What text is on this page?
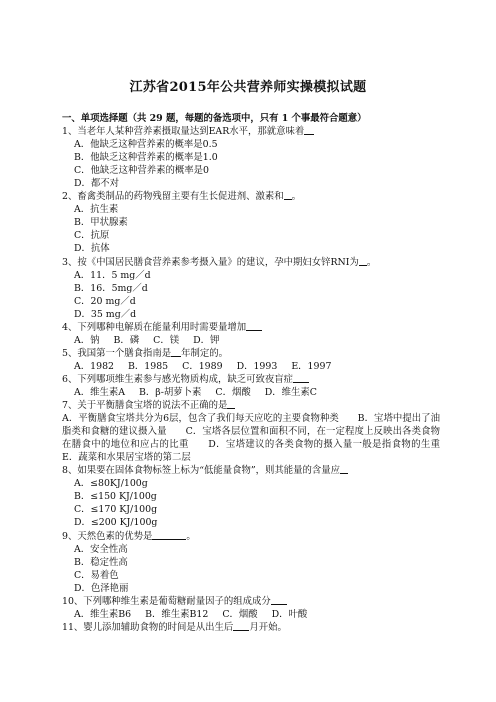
江苏省2015年公共营养师实操模拟试题

一、单项选择题（共 29 题，每题的备选项中，只有 1 个事最符合题意）

1、当老年人某种营养素摄取量达到EAR水平，那就意味着

A．他缺乏这种营养素的概率是0.5

B．他缺乏这种营养素的概率是1.0

C．他缺乏这种营养素的概率是0

D．都不对

2、畜禽类制品的药物残留主要有生长促进剂、激素和 。

A．抗生素

B．甲状腺素

C．抗原

D．抗体

3、按《中国居民膳食营养素参考摄入量》的建议，孕中期妇女锌RNI为 。

A．11．5 mg／d

B．16．5mg／d

C．20 mg／d

D．35 mg／d

4、下列哪种电解质在能量利用时需要量增加

A．钠 B．磷 C．镁 D．钾

5、我国第一个膳食指南是 年制定的。

A．1982 B．1985 C．1989 D．1993 E．1997

6、下列哪项维生素参与感光物质构成，缺乏可致夜盲症

A．维生素A B．β-胡萝卜素 C．烟酸 D．维生素C

7、关于平衡膳食宝塔的说法不正确的是

A．平衡膳食宝塔共分为6层，包含了我们每天应吃的主要食物种类　　B．宝塔中提出了油脂类和食糖的建议摄入量　　C．宝塔各层位置和面积不同，在一定程度上反映出各类食物在膳食中的地位和应占的比重　　D．宝塔建议的各类食物的摄入量一般是指食物的生重　　E．蔬菜和水果居宝塔的第二层

8、如果要在固体食物标签上标为“低能量食物”，则其能量的含量应

A．≤80KJ/100g

B．≤150 KJ/100g

C．≤170 KJ/100g

D．≤200 KJ/100g

9、天然色素的优势是	。

A．安全性高

B．稳定性高

C．易着色

D．色泽艳丽

10、下列哪种维生素是葡萄糖耐量因子的组成成分

A．维生素B6 B．维生素B12 C．烟酸 D．叶酸

11、婴儿添加辅助食物的时间是从出生后 月开始。
